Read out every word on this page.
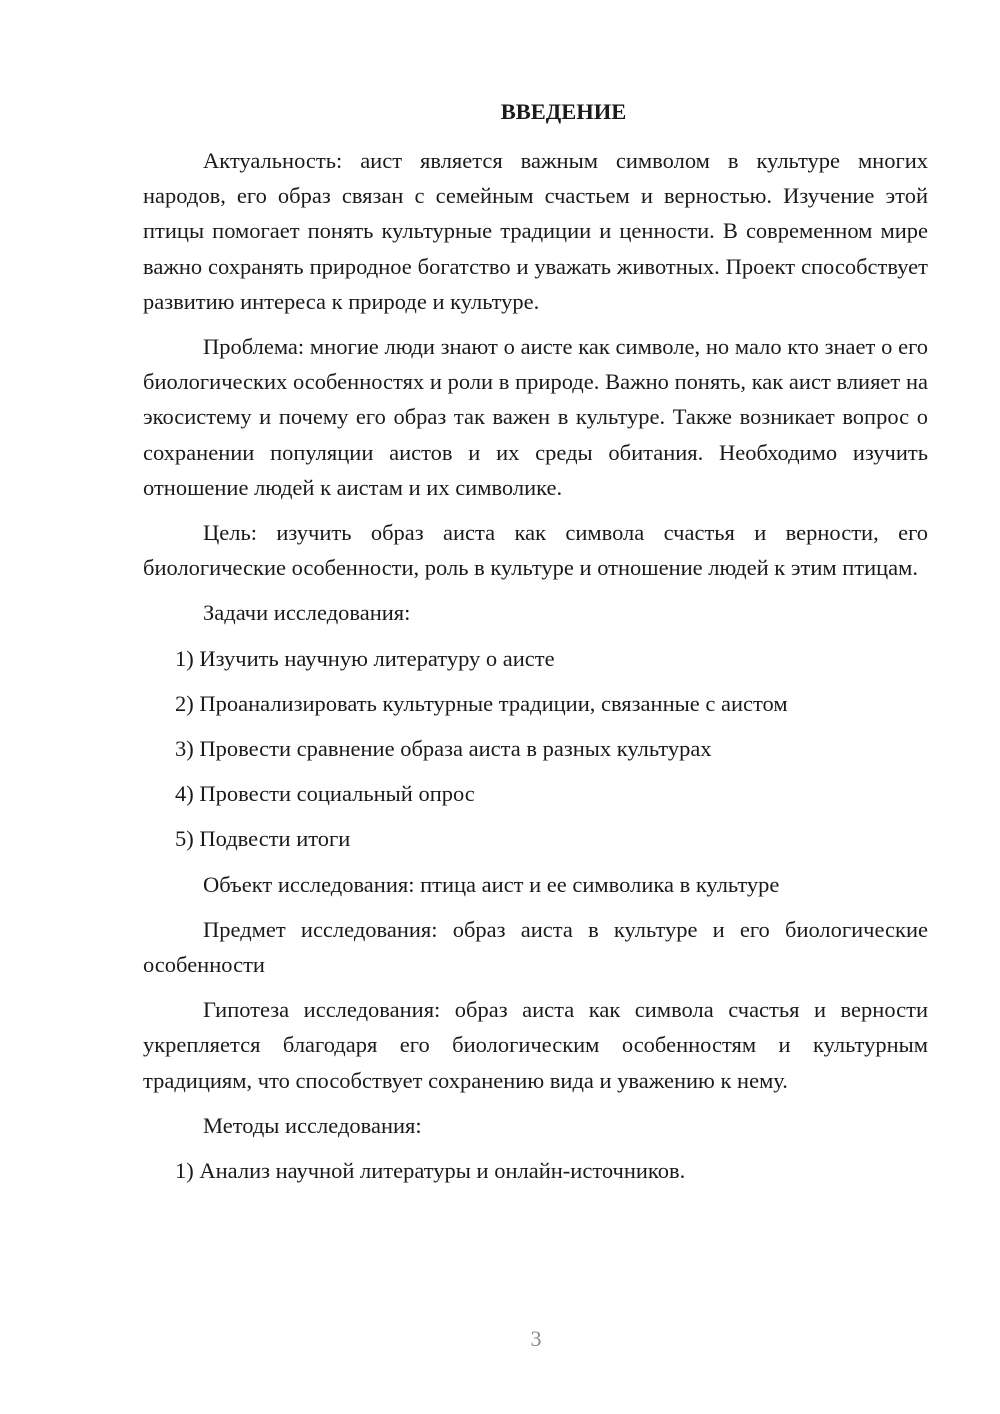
ВВЕДЕНИЕ

Актуальность: аист является важным символом в культуре многих народов, его образ связан с семейным счастьем и верностью. Изучение этой птицы помогает понять культурные традиции и ценности. В современном мире важно сохранять природное богатство и уважать животных. Проект способствует развитию интереса к природе и культуре.

Проблема: многие люди знают о аисте как символе, но мало кто знает о его биологических особенностях и роли в природе. Важно понять, как аист влияет на экосистему и почему его образ так важен в культуре. Также возникает вопрос о сохранении популяции аистов и их среды обитания. Необходимо изучить отношение людей к аистам и их символике.

Цель: изучить образ аиста как символа счастья и верности, его биологические особенности, роль в культуре и отношение людей к этим птицам.

Задачи исследования:
1) Изучить научную литературу о аисте
2) Проанализировать культурные традиции, связанные с аистом
3) Провести сравнение образа аиста в разных культурах
4) Провести социальный опрос
5) Подвести итоги
Объект исследования: птица аист и ее символика в культуре

Предмет исследования: образ аиста в культуре и его биологические особенности

Гипотеза исследования: образ аиста как символа счастья и верности укрепляется благодаря его биологическим особенностям и культурным традициям, что способствует сохранению вида и уважению к нему.

Методы исследования:
1) Анализ научной литературы и онлайн-источников.
3
